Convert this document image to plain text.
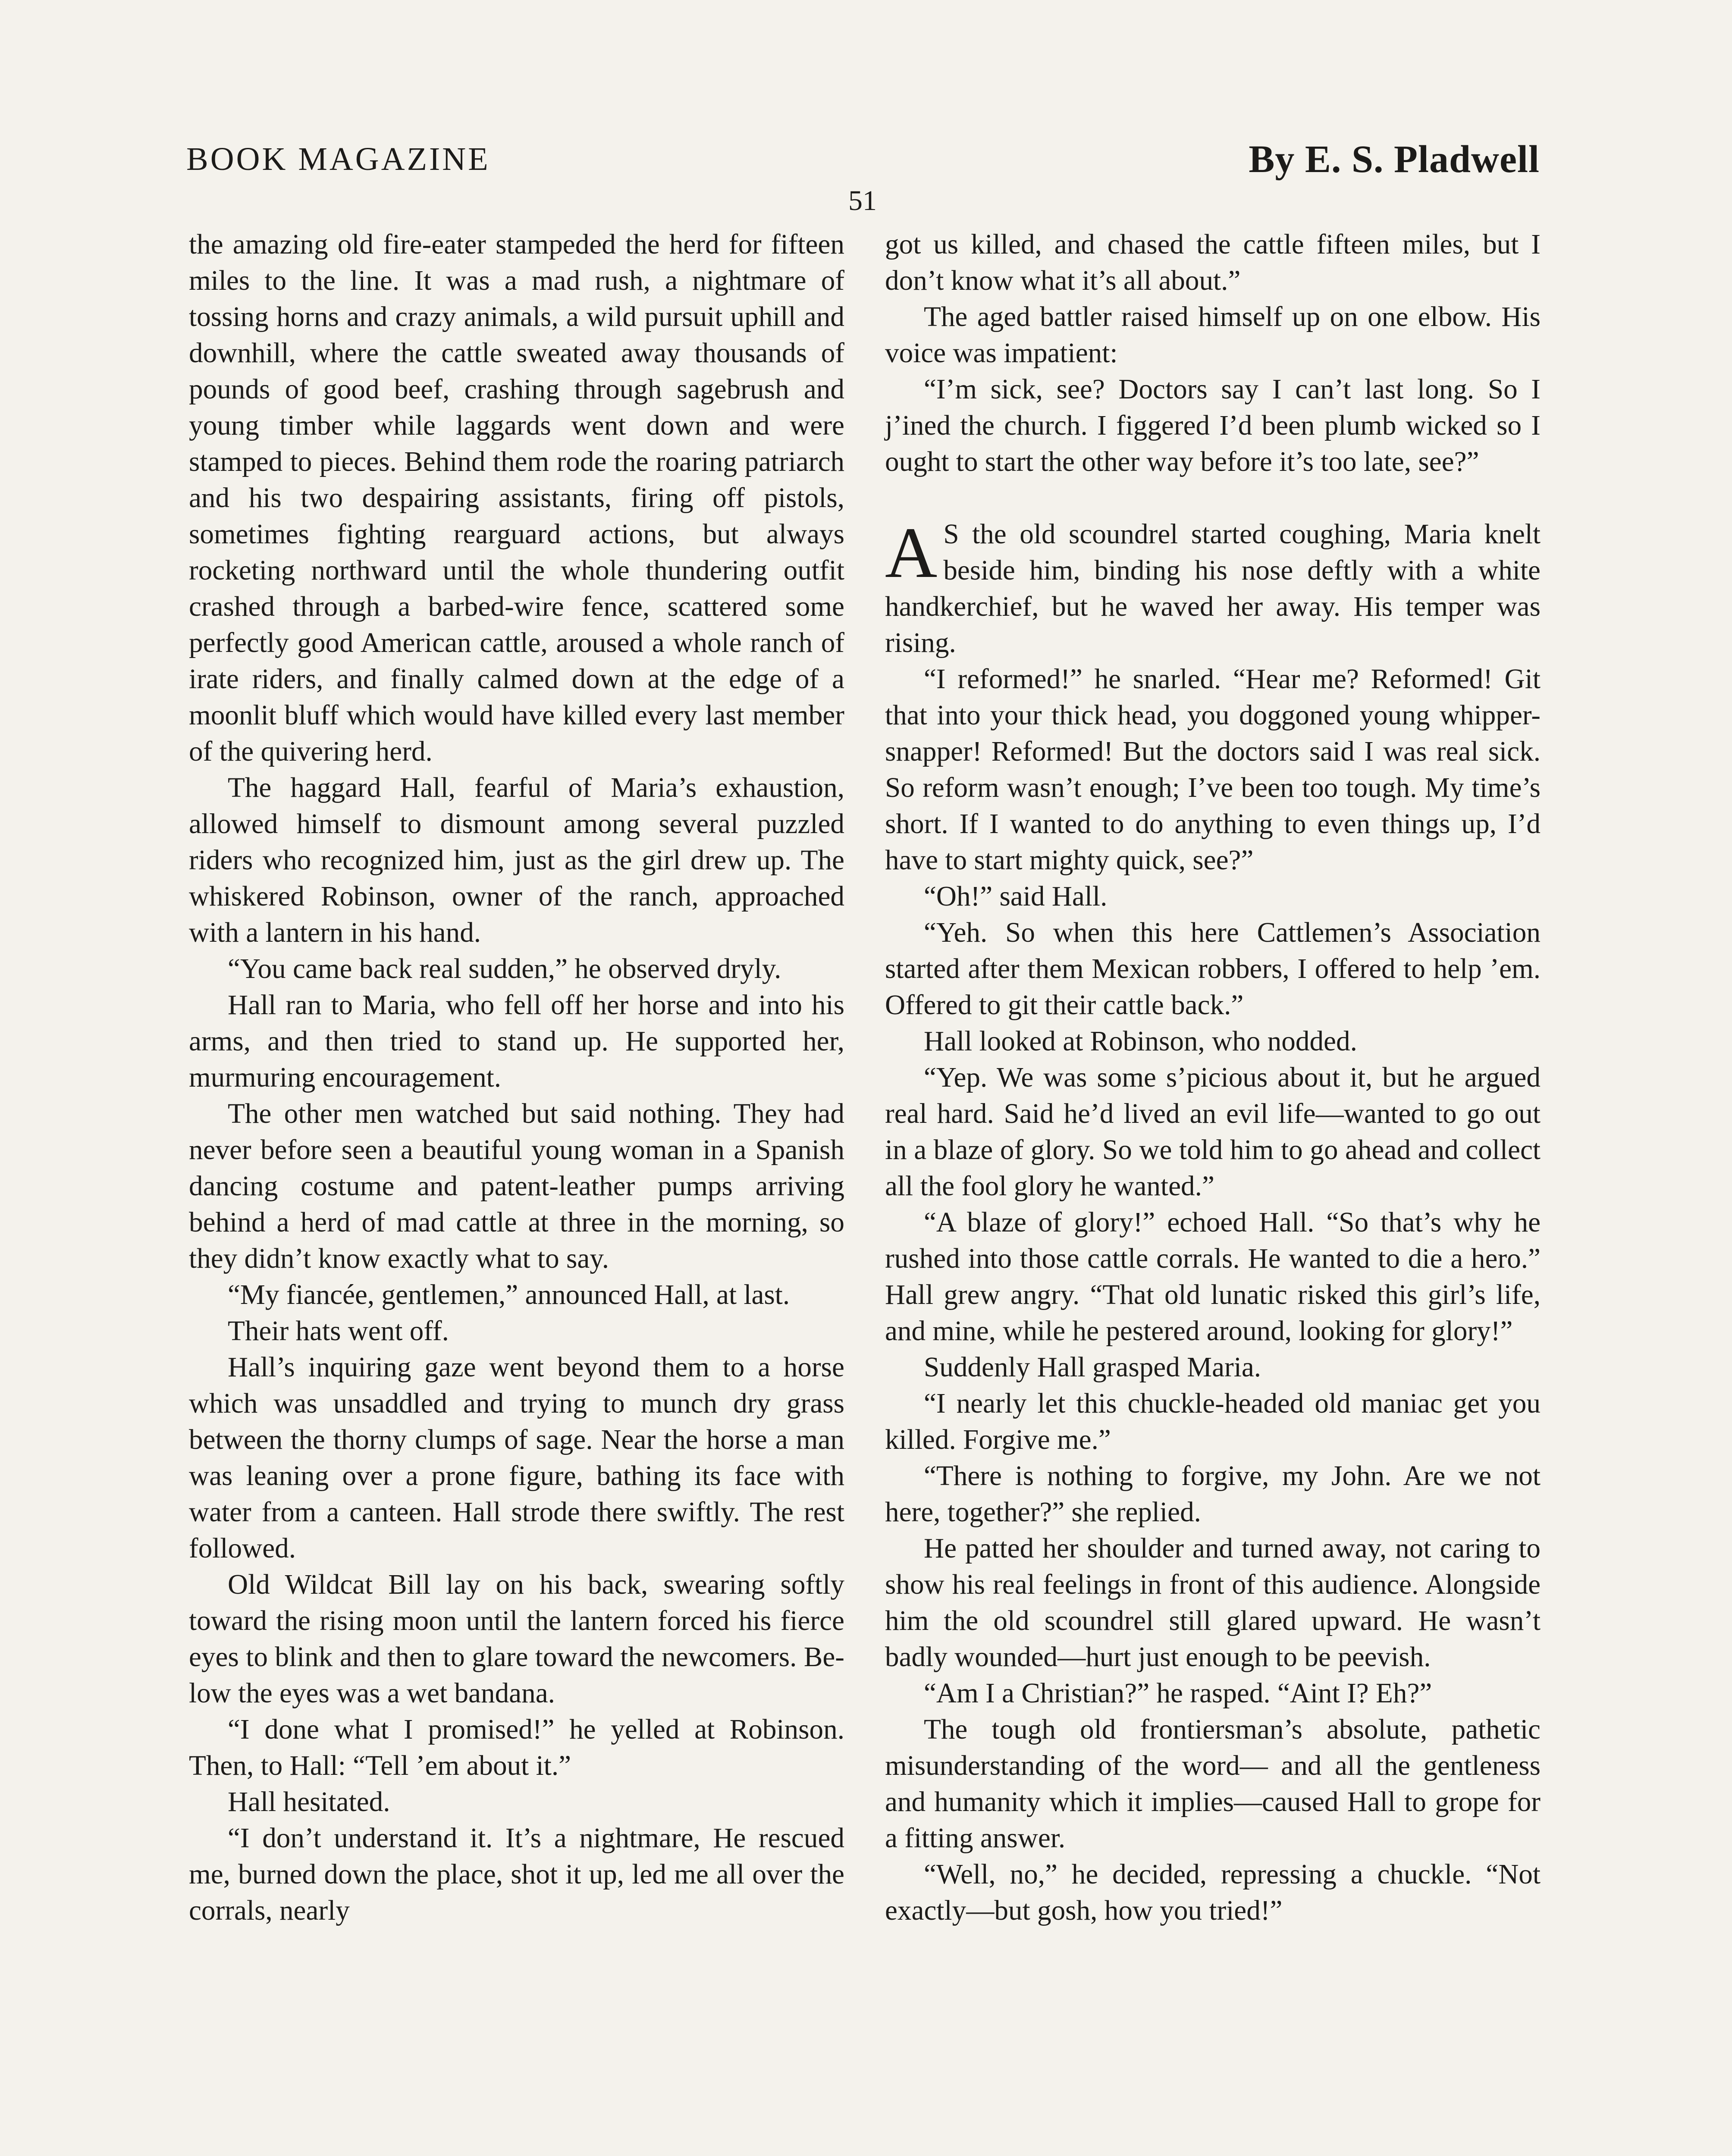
BOOK MAGAZINE	By E. S. Pladwell
51

the amazing old fire-eater stampeded the herd for fifteen miles to the line. It was a mad rush, a nightmare of tossing horns and crazy animals, a wild pursuit uphill and downhill, where the cattle sweated away thousands of pounds of good beef, crashing through sagebrush and young timber while laggards went down and were stamped to pieces. Behind them rode the roaring patriarch and his two despairing assistants, firing off pistols, sometimes fighting rearguard actions, but always rocketing northward until the whole thundering outfit crashed through a barbed-wire fence, scattered some perfectly good American cattle, aroused a whole ranch of irate riders, and finally calmed down at the edge of a moonlit bluff which would have killed every last member of the quivering herd.

The haggard Hall, fearful of Maria’s exhaustion, allowed himself to dismount among several puzzled riders who recognized him, just as the girl drew up. The whiskered Robinson, owner of the ranch, approached with a lantern in his hand.

“You came back real sudden,” he observed dryly.

Hall ran to Maria, who fell off her horse and into his arms, and then tried to stand up. He supported her, murmuring encouragement.

The other men watched but said nothing. They had never before seen a beautiful young woman in a Spanish dancing costume and patent-leather pumps arriving behind a herd of mad cattle at three in the morning, so they didn’t know exactly what to say.

“My fiancée, gentlemen,” announced Hall, at last.

Their hats went off.

Hall’s inquiring gaze went beyond them to a horse which was unsaddled and trying to munch dry grass between the thorny clumps of sage. Near the horse a man was leaning over a prone figure, bathing its face with water from a canteen. Hall strode there swiftly. The rest followed.

Old Wildcat Bill lay on his back, swearing softly toward the rising moon until the lantern forced his fierce eyes to blink and then to glare toward the newcomers. Below the eyes was a wet bandana.

“I done what I promised!” he yelled at Robinson. Then, to Hall: “Tell ’em about it.”

Hall hesitated.

“I don’t understand it. It’s a nightmare, He rescued me, burned down the place, shot it up, led me all over the corrals, nearly

got us killed, and chased the cattle fifteen miles, but I don’t know what it’s all about.”

The aged battler raised himself up on one elbow. His voice was impatient:

“I’m sick, see? Doctors say I can’t last long. So I j’ined the church. I figgered I’d been plumb wicked so I ought to start the other way before it’s too late, see?”

A S the old scoundrel started coughing, Maria knelt beside him, binding his nose deftly with a white handkerchief, but he waved her away. His temper was rising.

“I reformed!” he snarled. “Hear me? Reformed! Git that into your thick head, you doggoned young whipper-snapper! Reformed! But the doctors said I was real sick. So reform wasn’t enough; I’ve been too tough. My time’s short. If I wanted to do anything to even things up, I’d have to start mighty quick, see?”

“Oh!” said Hall.

“Yeh. So when this here Cattlemen’s Association started after them Mexican robbers, I offered to help ’em. Offered to git their cattle back.”

Hall looked at Robinson, who nodded.

“Yep. We was some s’picious about it, but he argued real hard. Said he’d lived an evil life—wanted to go out in a blaze of glory. So we told him to go ahead and collect all the fool glory he wanted.”

“A blaze of glory!” echoed Hall. “So that’s why he rushed into those cattle corrals. He wanted to die a hero.” Hall grew angry. “That old lunatic risked this girl’s life, and mine, while he pestered around, looking for glory!”

Suddenly Hall grasped Maria.

“I nearly let this chuckle-headed old maniac get you killed. Forgive me.”

“There is nothing to forgive, my John. Are we not here, together?” she replied.

He patted her shoulder and turned away, not caring to show his real feelings in front of this audience. Alongside him the old scoundrel still glared upward. He wasn’t badly wounded—hurt just enough to be peevish.

“Am I a Christian?” he rasped. “Aint I? Eh?”

The tough old frontiersman’s absolute, pathetic misunderstanding of the word— and all the gentleness and humanity which it implies—caused Hall to grope for a fitting answer.

“Well, no,” he decided, repressing a chuckle. “Not exactly—but gosh, how you tried!”
